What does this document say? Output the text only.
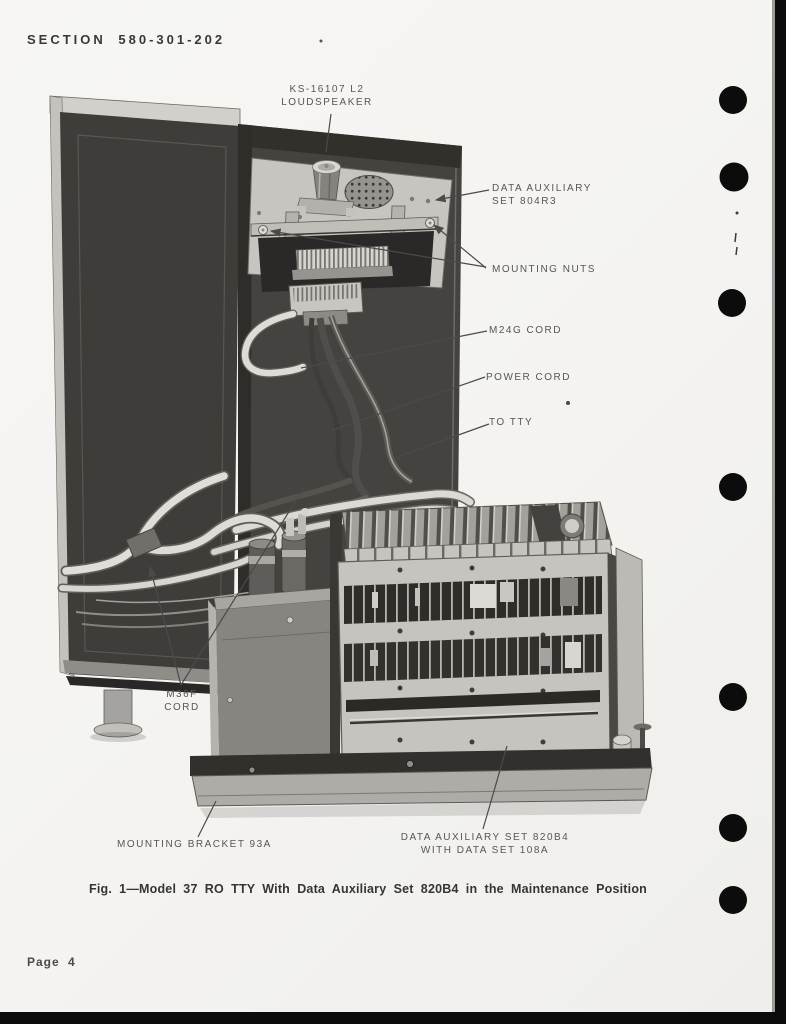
SECTION 580-301-202
KS-16107 L2
LOUDSPEAKER
DATA AUXILIARY
SET 804R3
MOUNTING NUTS
M24G CORD
POWER CORD
TO TTY
M36F
CORD
MOUNTING BRACKET 93A
DATA AUXILIARY SET 820B4
WITH DATA SET 108A
Fig. 1—Model 37 RO TTY With Data Auxiliary Set 820B4 in the Maintenance Position
Page 4
